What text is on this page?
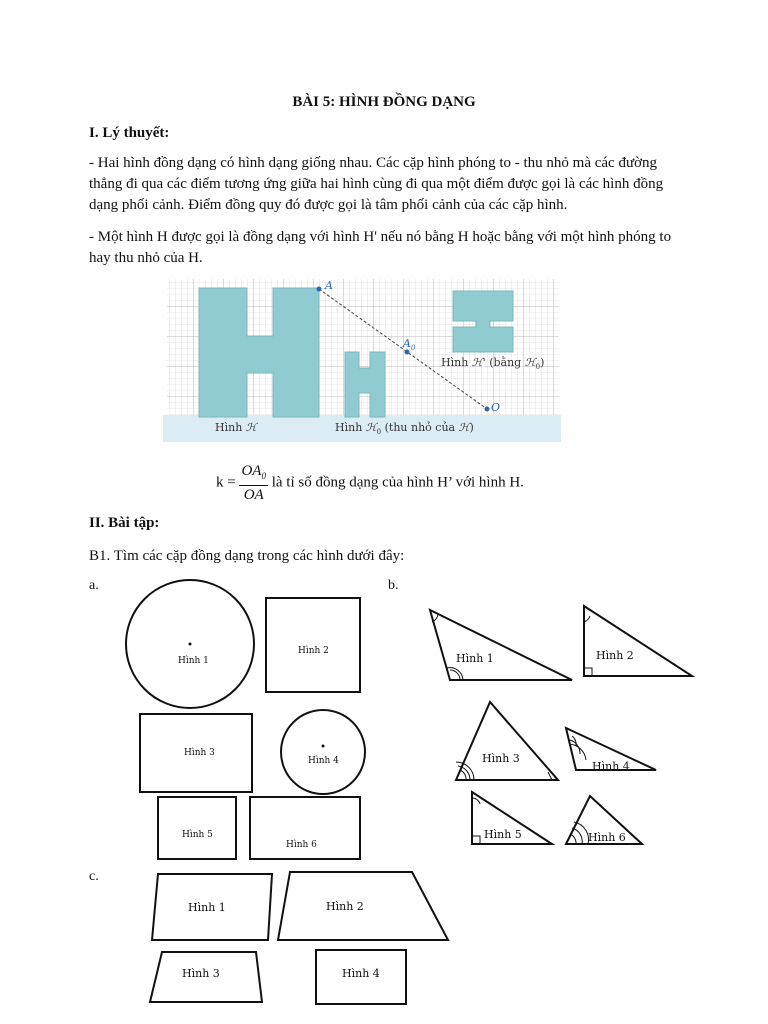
BÀI 5: HÌNH ĐỒNG DẠNG
I. Lý thuyết:
- Hai hình đồng dạng có hình dạng giống nhau. Các cặp hình phóng to - thu nhỏ mà các đường thẳng đi qua các điểm tương ứng giữa hai hình cùng đi qua một điểm được gọi là các hình đồng dạng phối cảnh. Điểm đồng quy đó được gọi là tâm phối cảnh của các cặp hình.
- Một hình H được gọi là đồng dạng với hình H' nếu nó bằng H hoặc bằng với một hình phóng to hay thu nhỏ của H.
A
$A_0$
O
Hình ℋ	Hình ℋ$_0$ (thu nhỏ của ℋ)
Hình ℋ' (bằng ℋ$_0$)
$k = \frac{OA_0}{OA}$ là tỉ số đồng dạng của hình H’ với hình H.
II. Bài tập:
B1. Tìm các cặp đồng dạng trong các hình dưới đây:
a.	b.
c.
Hình 1
Hình 2
Hình 3
Hình 4
Hình 5
Hình 6
Hình 1	Hình 2
Hình 3
Hình 4
Hình 5	Hình 6
Hình 1	Hình 2
Hình 3	Hình 4
